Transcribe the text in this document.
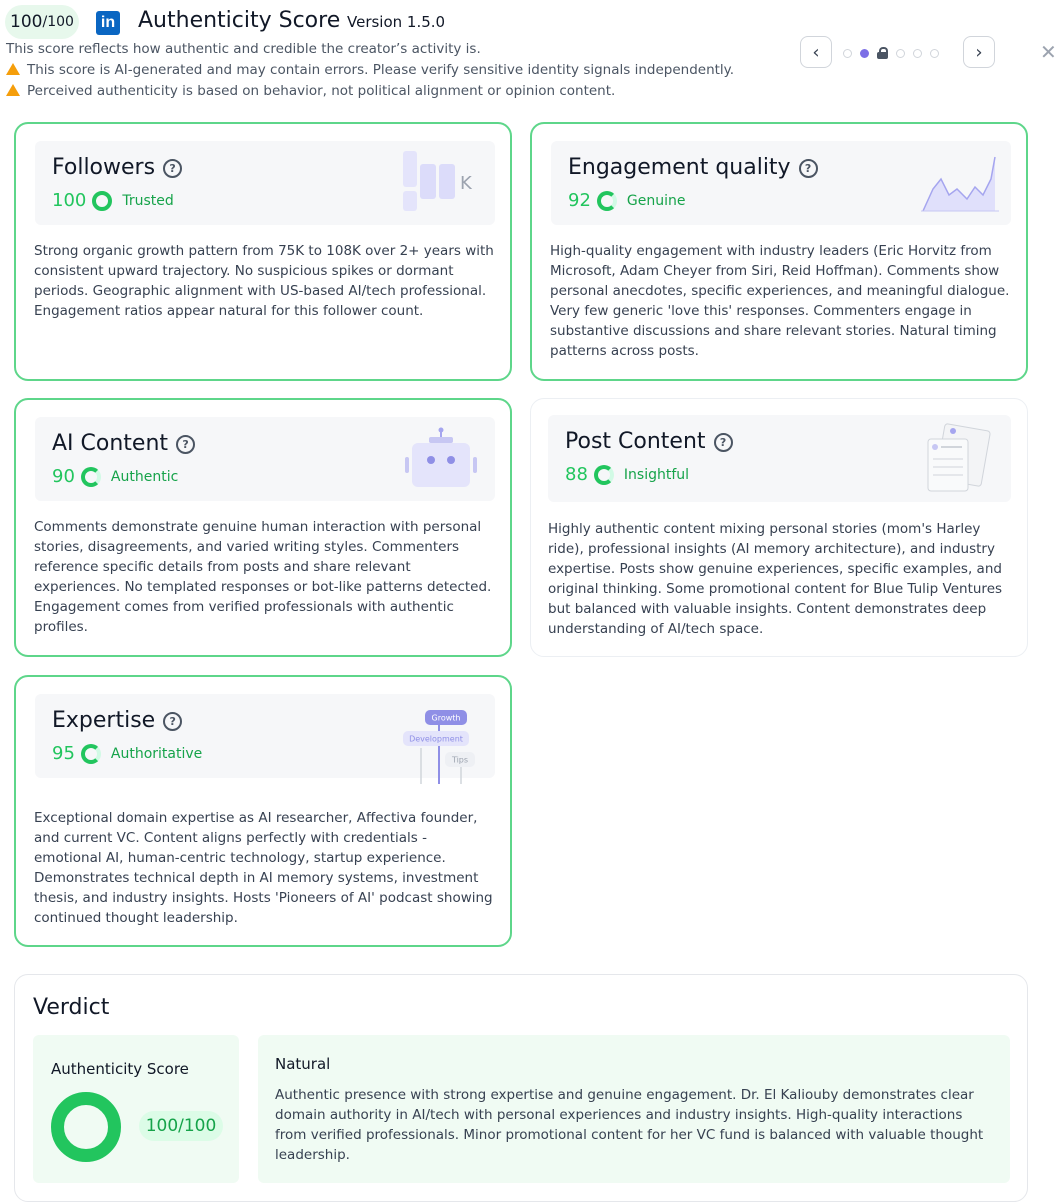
100 /100	in Authenticity Score Version 1.5.0
This score reflects how authentic and credible the creator’s activity is.
This score is AI-generated and may contain errors. Please verify sensitive identity signals independently.
Perceived authenticity is based on behavior, not political alignment or opinion content.
‹	›	✕
Followers ?
100	Trusted
K
Strong organic growth pattern from 75K to 108K over 2+ years with consistent upward trajectory. No suspicious spikes or dormant periods. Geographic alignment with US-based AI/tech professional. Engagement ratios appear natural for this follower count.
Engagement quality ?
92	Genuine
High-quality engagement with industry leaders (Eric Horvitz from Microsoft, Adam Cheyer from Siri, Reid Hoffman). Comments show personal anecdotes, specific experiences, and meaningful dialogue. Very few generic 'love this' responses. Commenters engage in substantive discussions and share relevant stories. Natural timing patterns across posts.
AI Content ?
90	Authentic
Comments demonstrate genuine human interaction with personal stories, disagreements, and varied writing styles. Commenters reference specific details from posts and share relevant experiences. No templated responses or bot-like patterns detected. Engagement comes from verified professionals with authentic profiles.
Post Content ?
88	Insightful
Highly authentic content mixing personal stories (mom's Harley ride), professional insights (AI memory architecture), and industry expertise. Posts show genuine experiences, specific examples, and original thinking. Some promotional content for Blue Tulip Ventures but balanced with valuable insights. Content demonstrates deep understanding of AI/tech space.
Expertise ?
95	Authoritative
Growth
Development
Tips
Exceptional domain expertise as AI researcher, Affectiva founder, and current VC. Content aligns perfectly with credentials - emotional AI, human-centric technology, startup experience. Demonstrates technical depth in AI memory systems, investment thesis, and industry insights. Hosts 'Pioneers of AI' podcast showing continued thought leadership.
Verdict
Authenticity Score
100/100
Natural
Authentic presence with strong expertise and genuine engagement. Dr. El Kaliouby demonstrates clear domain authority in AI/tech with personal experiences and industry insights. High-quality interactions from verified professionals. Minor promotional content for her VC fund is balanced with valuable thought leadership.
